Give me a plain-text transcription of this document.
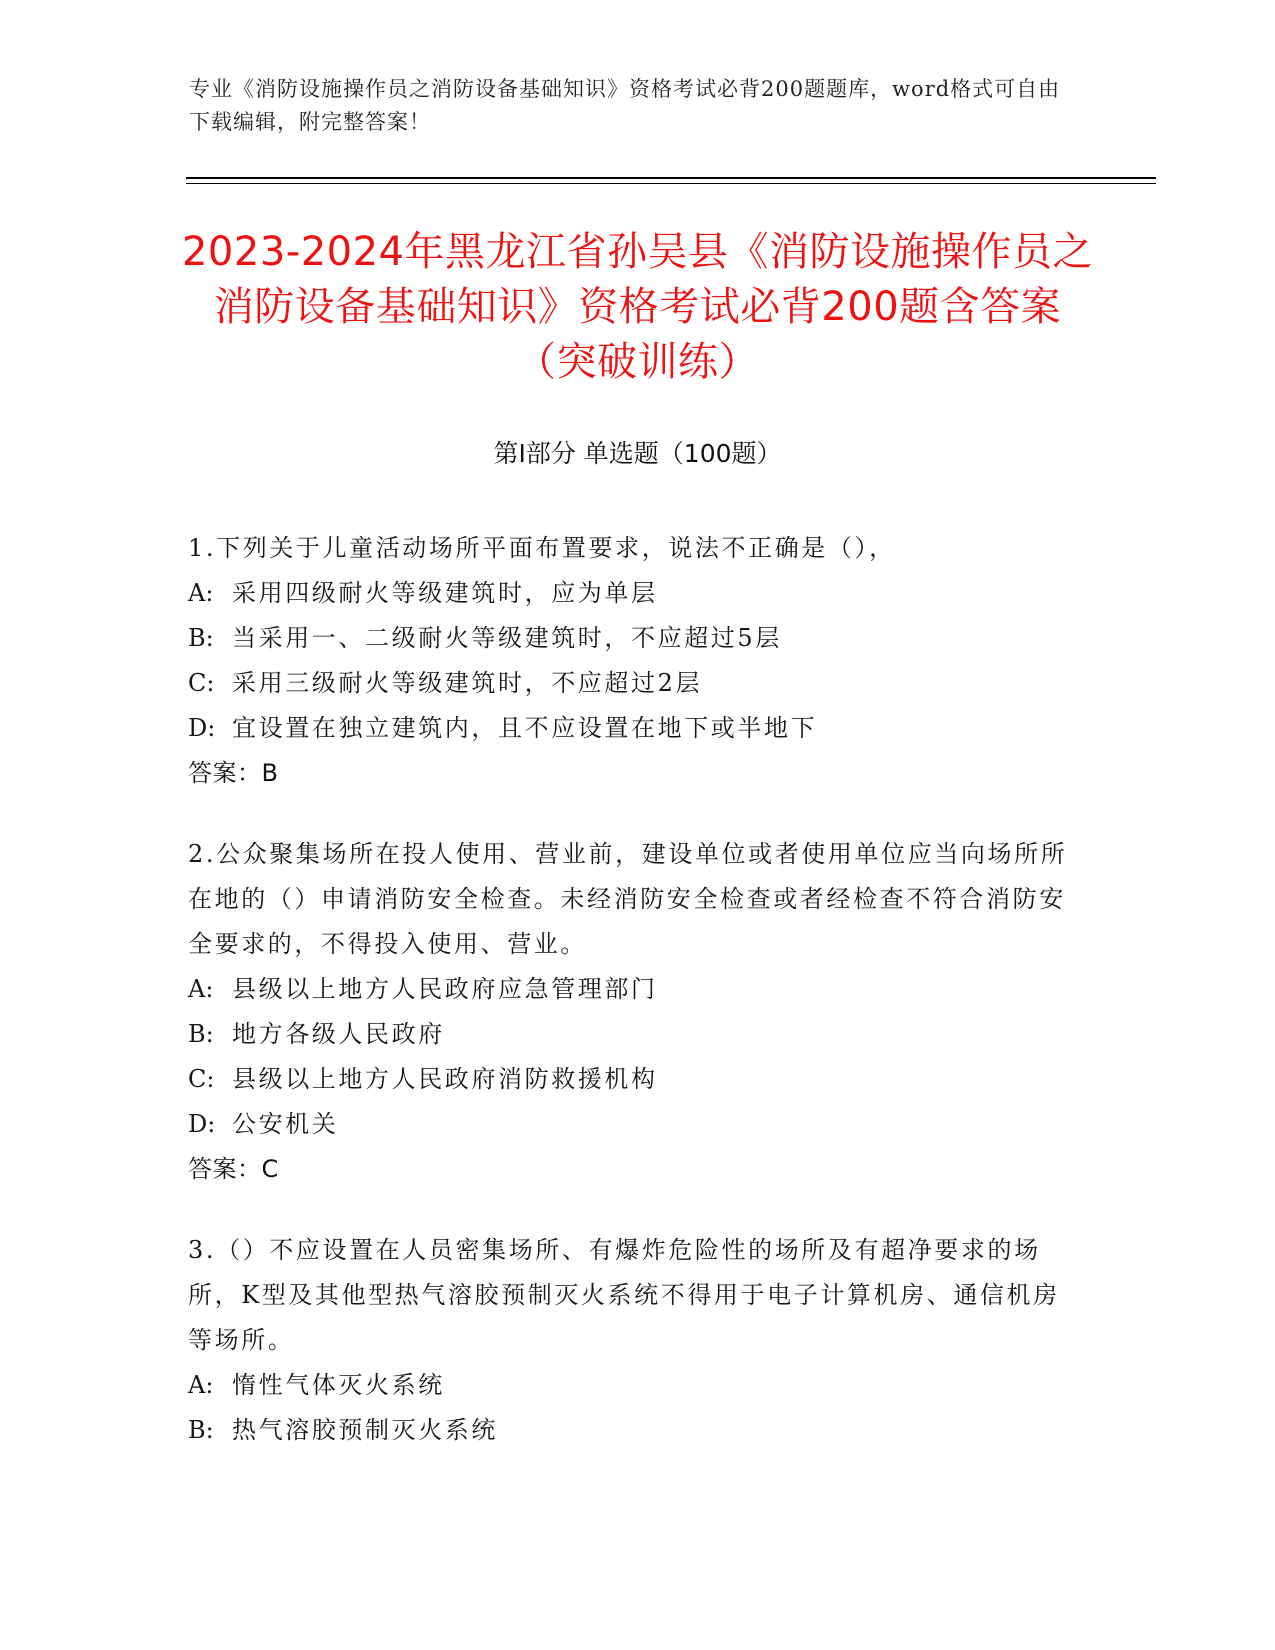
专业《消防设施操作员之消防设备基础知识》资格考试必背200题题库，word格式可自由下载编辑，附完整答案！
2023-2024年黑龙江省孙吴县《消防设施操作员之消防设备基础知识》资格考试必背200题含答案（突破训练）
第I部分 单选题（100题）
1.下列关于儿童活动场所平面布置要求，说法不正确是（），
A: 采用四级耐火等级建筑时，应为单层
B: 当采用一、二级耐火等级建筑时，不应超过5层
C: 采用三级耐火等级建筑时，不应超过2层
D: 宜设置在独立建筑内，且不应设置在地下或半地下
答案：B
2.公众聚集场所在投人使用、营业前，建设单位或者使用单位应当向场所所在地的（）申请消防安全检查。未经消防安全检查或者经检查不符合消防安全要求的，不得投入使用、营业。
A: 县级以上地方人民政府应急管理部门
B: 地方各级人民政府
C: 县级以上地方人民政府消防救援机构
D: 公安机关
答案：C
3.（）不应设置在人员密集场所、有爆炸危险性的场所及有超净要求的场所，K型及其他型热气溶胶预制灭火系统不得用于电子计算机房、通信机房等场所。
A: 惰性气体灭火系统
B: 热气溶胶预制灭火系统
